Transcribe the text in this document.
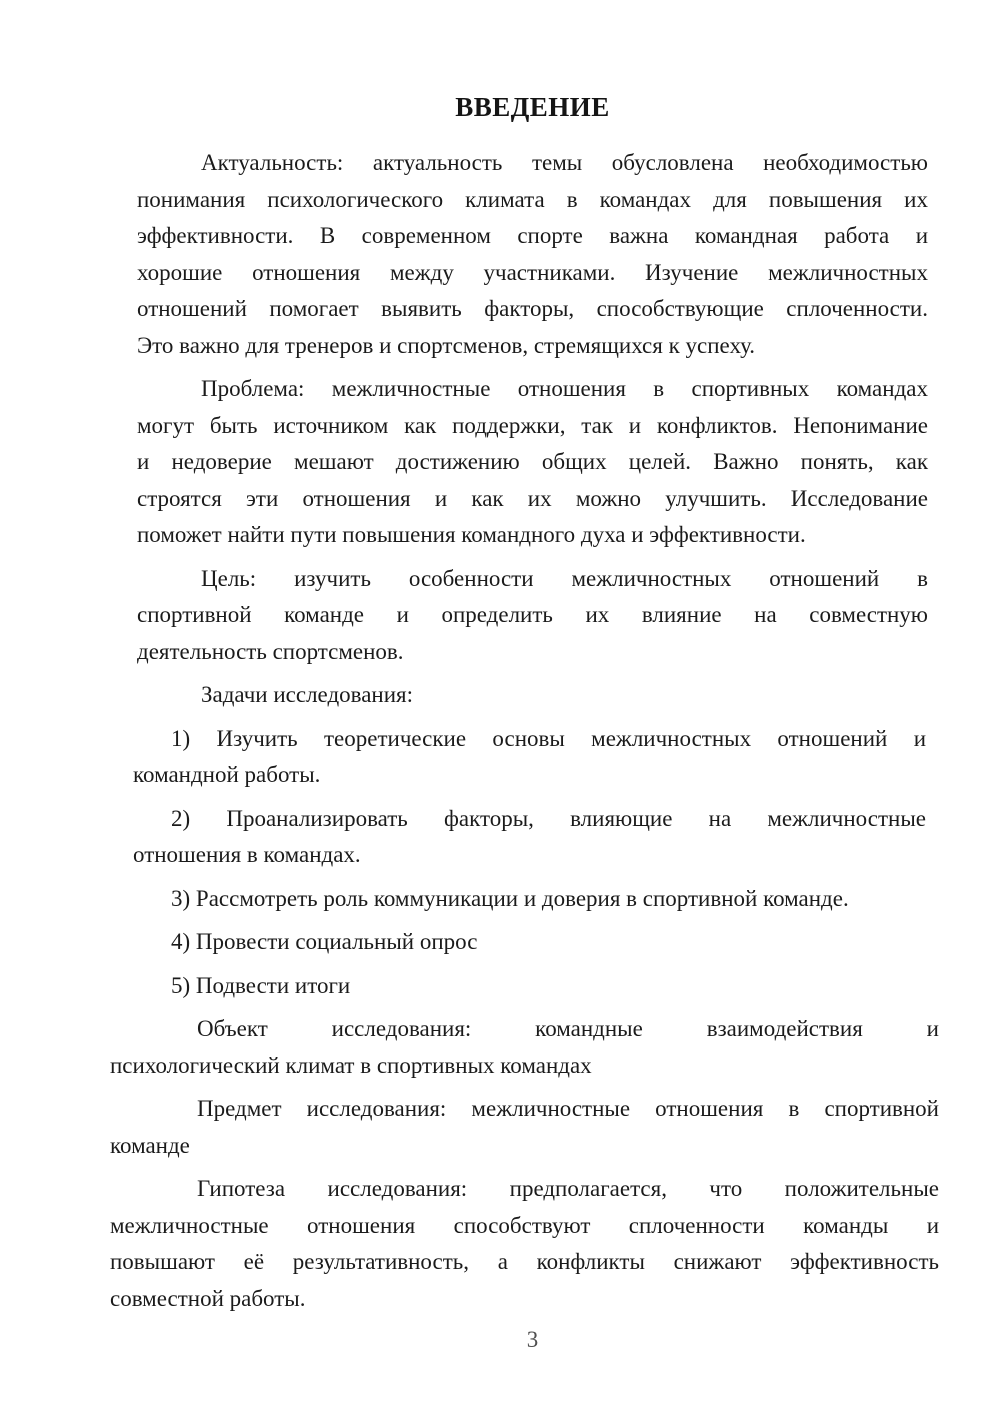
ВВЕДЕНИЕ
Актуальность: актуальность темы обусловлена необходимостью
понимания психологического климата в командах для повышения их
эффективности. В современном спорте важна командная работа и
хорошие отношения между участниками. Изучение межличностных
отношений помогает выявить факторы, способствующие сплоченности.
Это важно для тренеров и спортсменов, стремящихся к успеху.
Проблема: межличностные отношения в спортивных командах
могут быть источником как поддержки, так и конфликтов. Непонимание
и недоверие мешают достижению общих целей. Важно понять, как
строятся эти отношения и как их можно улучшить. Исследование
поможет найти пути повышения командного духа и эффективности.
Цель: изучить особенности межличностных отношений в
спортивной команде и определить их влияние на совместную
деятельность спортсменов.
Задачи исследования:
1) Изучить теоретические основы межличностных отношений и
командной работы.
2) Проанализировать факторы, влияющие на межличностные
отношения в командах.
3) Рассмотреть роль коммуникации и доверия в спортивной команде.
4) Провести социальный опрос
5) Подвести итоги
Объект исследования: командные взаимодействия и
психологический климат в спортивных командах
Предмет исследования: межличностные отношения в спортивной
команде
Гипотеза исследования: предполагается, что положительные
межличностные отношения способствуют сплоченности команды и
повышают её результативность, а конфликты снижают эффективность
совместной работы.
3
